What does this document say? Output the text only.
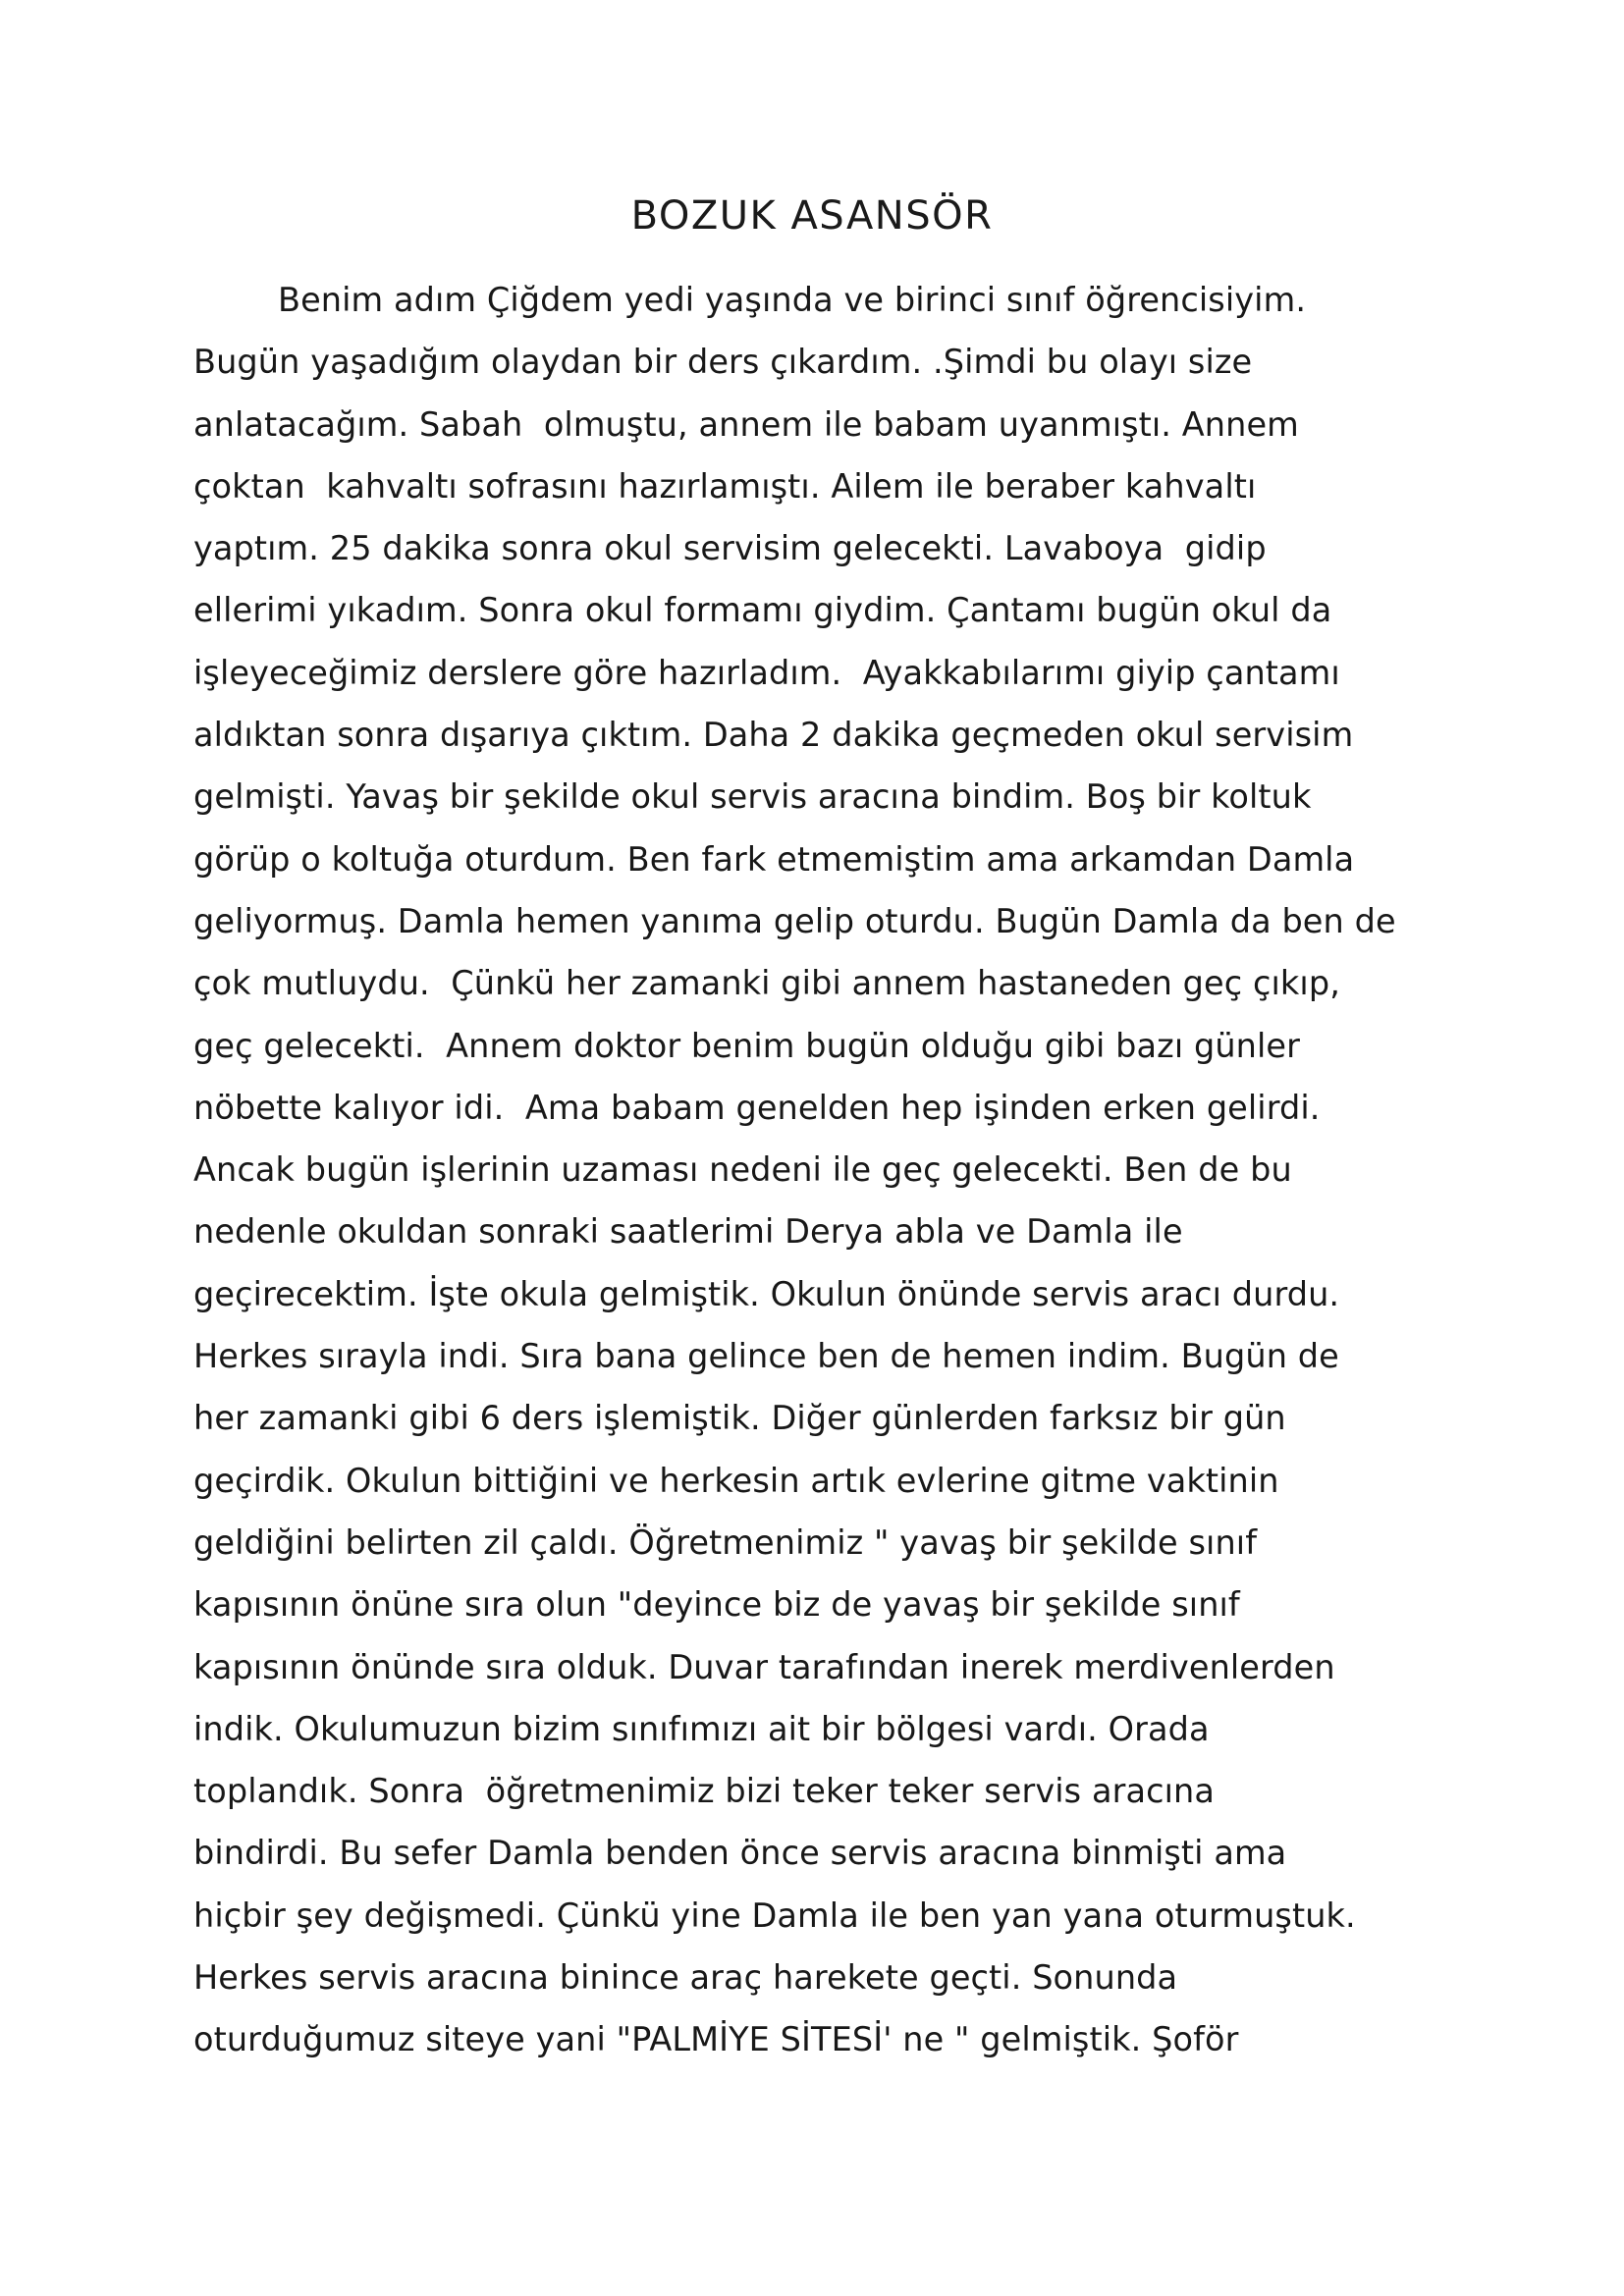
BOZUK ASANSÖR
Benim adım Çiğdem yedi yaşında ve birinci sınıf öğrencisiyim.
Bugün yaşadığım olaydan bir ders çıkardım. .Şimdi bu olayı size
anlatacağım. Sabah  olmuştu, annem ile babam uyanmıştı. Annem
çoktan  kahvaltı sofrasını hazırlamıştı. Ailem ile beraber kahvaltı
yaptım. 25 dakika sonra okul servisim gelecekti. Lavaboya  gidip
ellerimi yıkadım. Sonra okul formamı giydim. Çantamı bugün okul da
işleyeceğimiz derslere göre hazırladım.  Ayakkabılarımı giyip çantamı
aldıktan sonra dışarıya çıktım. Daha 2 dakika geçmeden okul servisim
gelmişti. Yavaş bir şekilde okul servis aracına bindim. Boş bir koltuk
görüp o koltuğa oturdum. Ben fark etmemiştim ama arkamdan Damla
geliyormuş. Damla hemen yanıma gelip oturdu. Bugün Damla da ben de
çok mutluydu.  Çünkü her zamanki gibi annem hastaneden geç çıkıp,
geç gelecekti.  Annem doktor benim bugün olduğu gibi bazı günler
nöbette kalıyor idi.  Ama babam genelden hep işinden erken gelirdi.
Ancak bugün işlerinin uzaması nedeni ile geç gelecekti. Ben de bu
nedenle okuldan sonraki saatlerimi Derya abla ve Damla ile
geçirecektim. İşte okula gelmiştik. Okulun önünde servis aracı durdu.
Herkes sırayla indi. Sıra bana gelince ben de hemen indim. Bugün de
her zamanki gibi 6 ders işlemiştik. Diğer günlerden farksız bir gün
geçirdik. Okulun bittiğini ve herkesin artık evlerine gitme vaktinin
geldiğini belirten zil çaldı. Öğretmenimiz " yavaş bir şekilde sınıf
kapısının önüne sıra olun "deyince biz de yavaş bir şekilde sınıf
kapısının önünde sıra olduk. Duvar tarafından inerek merdivenlerden
indik. Okulumuzun bizim sınıfımızı ait bir bölgesi vardı. Orada
toplandık. Sonra  öğretmenimiz bizi teker teker servis aracına
bindirdi. Bu sefer Damla benden önce servis aracına binmişti ama
hiçbir şey değişmedi. Çünkü yine Damla ile ben yan yana oturmuştuk.
Herkes servis aracına binince araç harekete geçti. Sonunda
oturduğumuz siteye yani "PALMİYE SİTESİ' ne " gelmiştik. Şoför
